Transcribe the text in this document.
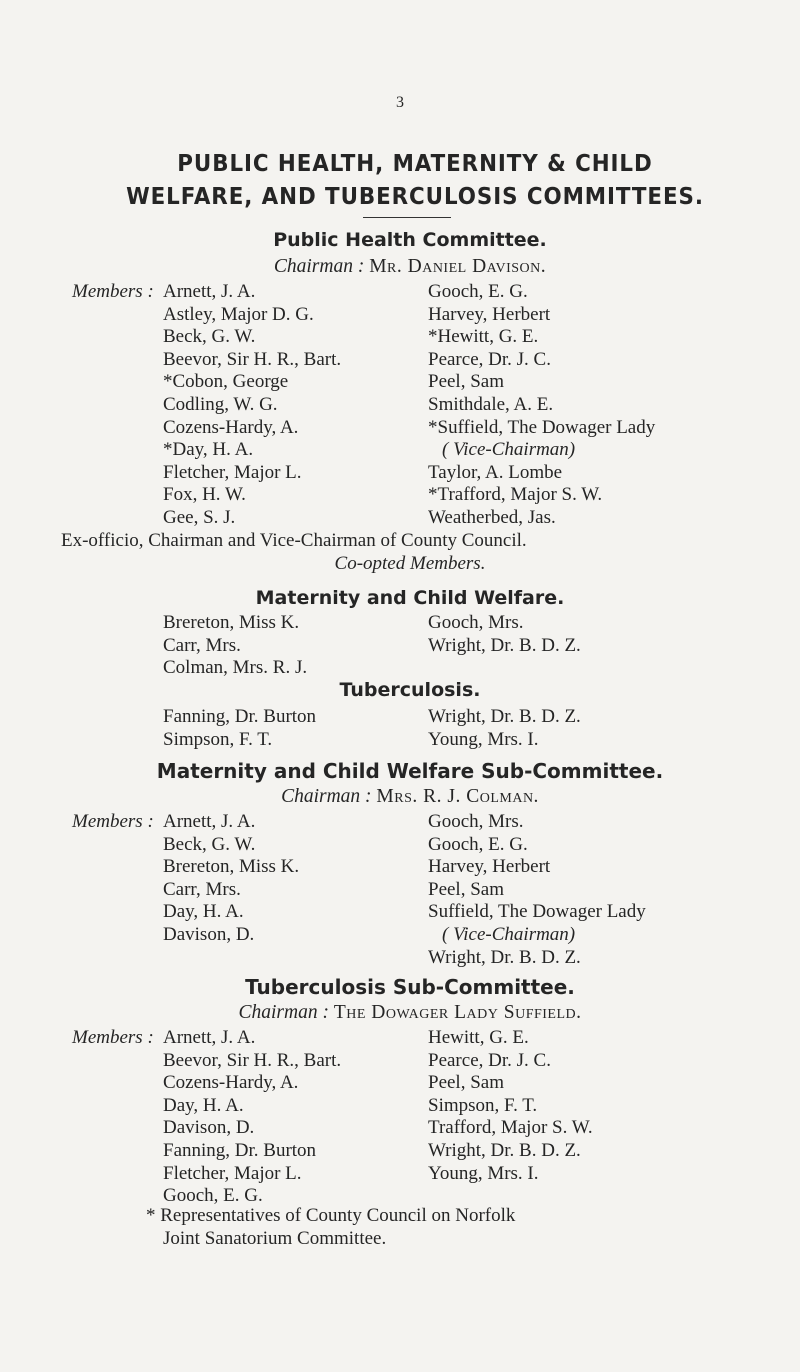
3
PUBLIC HEALTH, MATERNITY & CHILD WELFARE, AND TUBERCULOSIS COMMITTEES.
Public Health Committee.
Chairman : Mr. Daniel Davison.
Members : Arnett, J. A.
Astley, Major D. G.
Beck, G. W.
Beevor, Sir H. R., Bart.
*Cobon, George
Codling, W. G.
Cozens-Hardy, A.
*Day, H. A.
Fletcher, Major L.
Fox, H. W.
Gee, S. J.
Gooch, E. G.
Harvey, Herbert
*Hewitt, G. E.
Pearce, Dr. J. C.
Peel, Sam
Smithdale, A. E.
*Suffield, The Dowager Lady
( Vice-Chairman)
Taylor, A. Lombe
*Trafford, Major S. W.
Weatherbed, Jas.
Ex-officio, Chairman and Vice-Chairman of County Council.
Co-opted Members.
Maternity and Child Welfare.
Brereton, Miss K.
Carr, Mrs.
Colman, Mrs. R. J.
Gooch, Mrs.
Wright, Dr. B. D. Z.
Tuberculosis.
Fanning, Dr. Burton
Simpson, F. T.
Wright, Dr. B. D. Z.
Young, Mrs. I.
Maternity and Child Welfare Sub-Committee.
Chairman : Mrs. R. J. Colman.
Members : Arnett, J. A.
Beck, G. W.
Brereton, Miss K.
Carr, Mrs.
Day, H. A.
Davison, D.
Gooch, Mrs.
Gooch, E. G.
Harvey, Herbert
Peel, Sam
Suffield, The Dowager Lady
( Vice-Chairman)
Wright, Dr. B. D. Z.
Tuberculosis Sub-Committee.
Chairman : The Dowager Lady Suffield.
Members : Arnett, J. A.
Beevor, Sir H. R., Bart.
Cozens-Hardy, A.
Day, H. A.
Davison, D.
Fanning, Dr. Burton
Fletcher, Major L.
Gooch, E. G.
Hewitt, G. E.
Pearce, Dr. J. C.
Peel, Sam
Simpson, F. T.
Trafford, Major S. W.
Wright, Dr. B. D. Z.
Young, Mrs. I.
* Representatives of County Council on Norfolk
Joint Sanatorium Committee.
